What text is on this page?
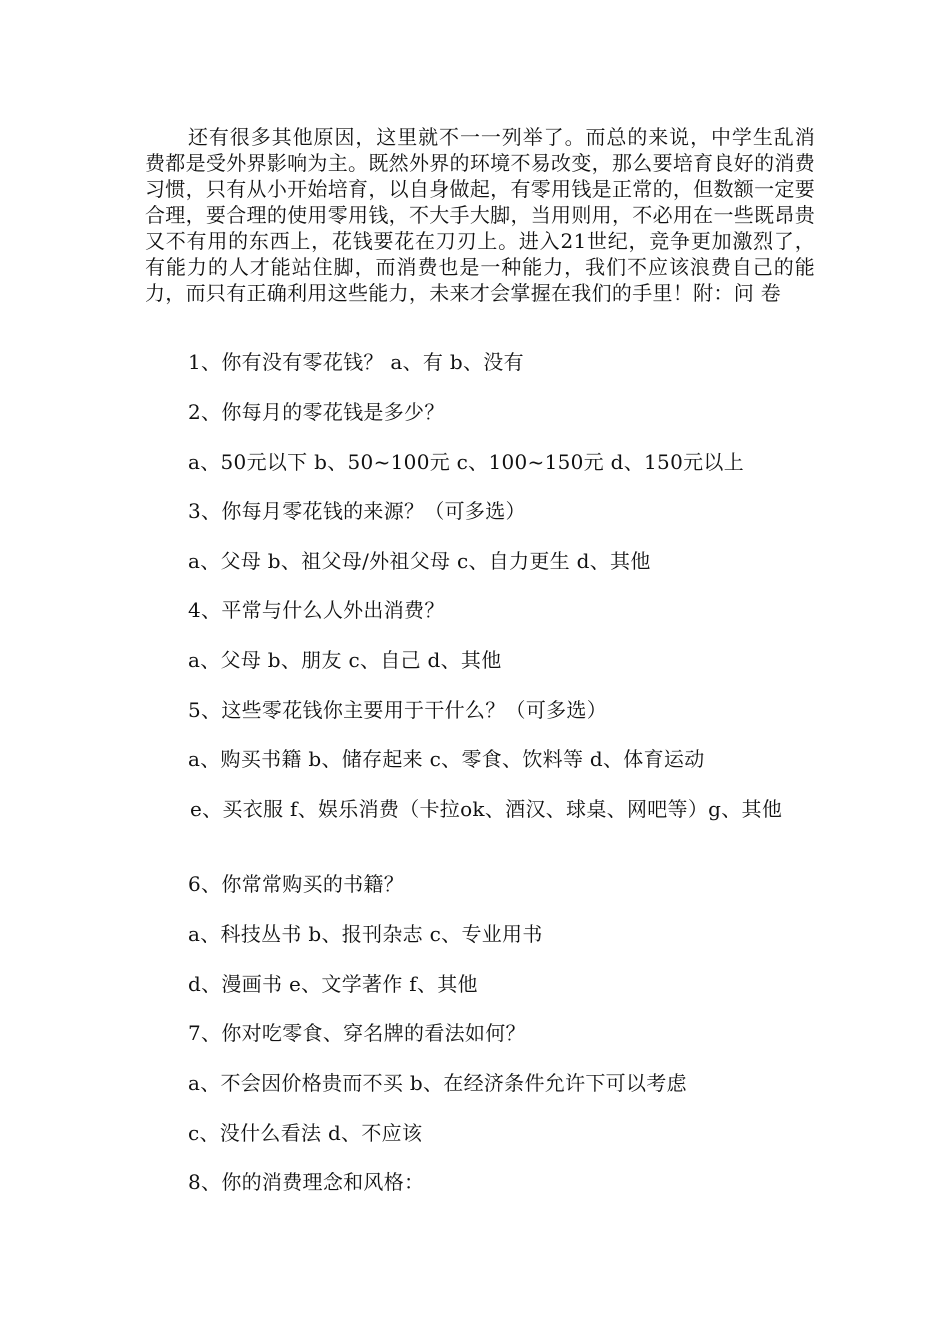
还有很多其他原因，这里就不一一列举了。而总的来说，中学生乱消费都是受外界影响为主。既然外界的环境不易改变，那么要培育良好的消费习惯，只有从小开始培育，以自身做起，有零用钱是正常的，但数额一定要合理，要合理的使用零用钱，不大手大脚，当用则用，不必用在一些既昂贵又不有用的东西上，花钱要花在刀刃上。进入21世纪，竞争更加激烈了，有能力的人才能站住脚，而消费也是一种能力，我们不应该浪费自己的能力，而只有正确利用这些能力，未来才会掌握在我们的手里！附：问 卷

1、你有没有零花钱？ a、有 b、没有
2、你每月的零花钱是多少？
a、50元以下 b、50~100元 c、100~150元 d、150元以上
3、你每月零花钱的来源？（可多选）
a、父母 b、祖父母/外祖父母 c、自力更生 d、其他
4、平常与什么人外出消费？
a、父母 b、朋友 c、自己 d、其他
5、这些零花钱你主要用于干什么？（可多选）
a、购买书籍 b、储存起来 c、零食、饮料等 d、体育运动
e、买衣服 f、娱乐消费（卡拉ok、酒汉、球桌、网吧等）g、其他
6、你常常购买的书籍？
a、科技丛书 b、报刊杂志 c、专业用书
d、漫画书 e、文学著作 f、其他
7、你对吃零食、穿名牌的看法如何？
a、不会因价格贵而不买 b、在经济条件允许下可以考虑
c、没什么看法 d、不应该
8、你的消费理念和风格：
